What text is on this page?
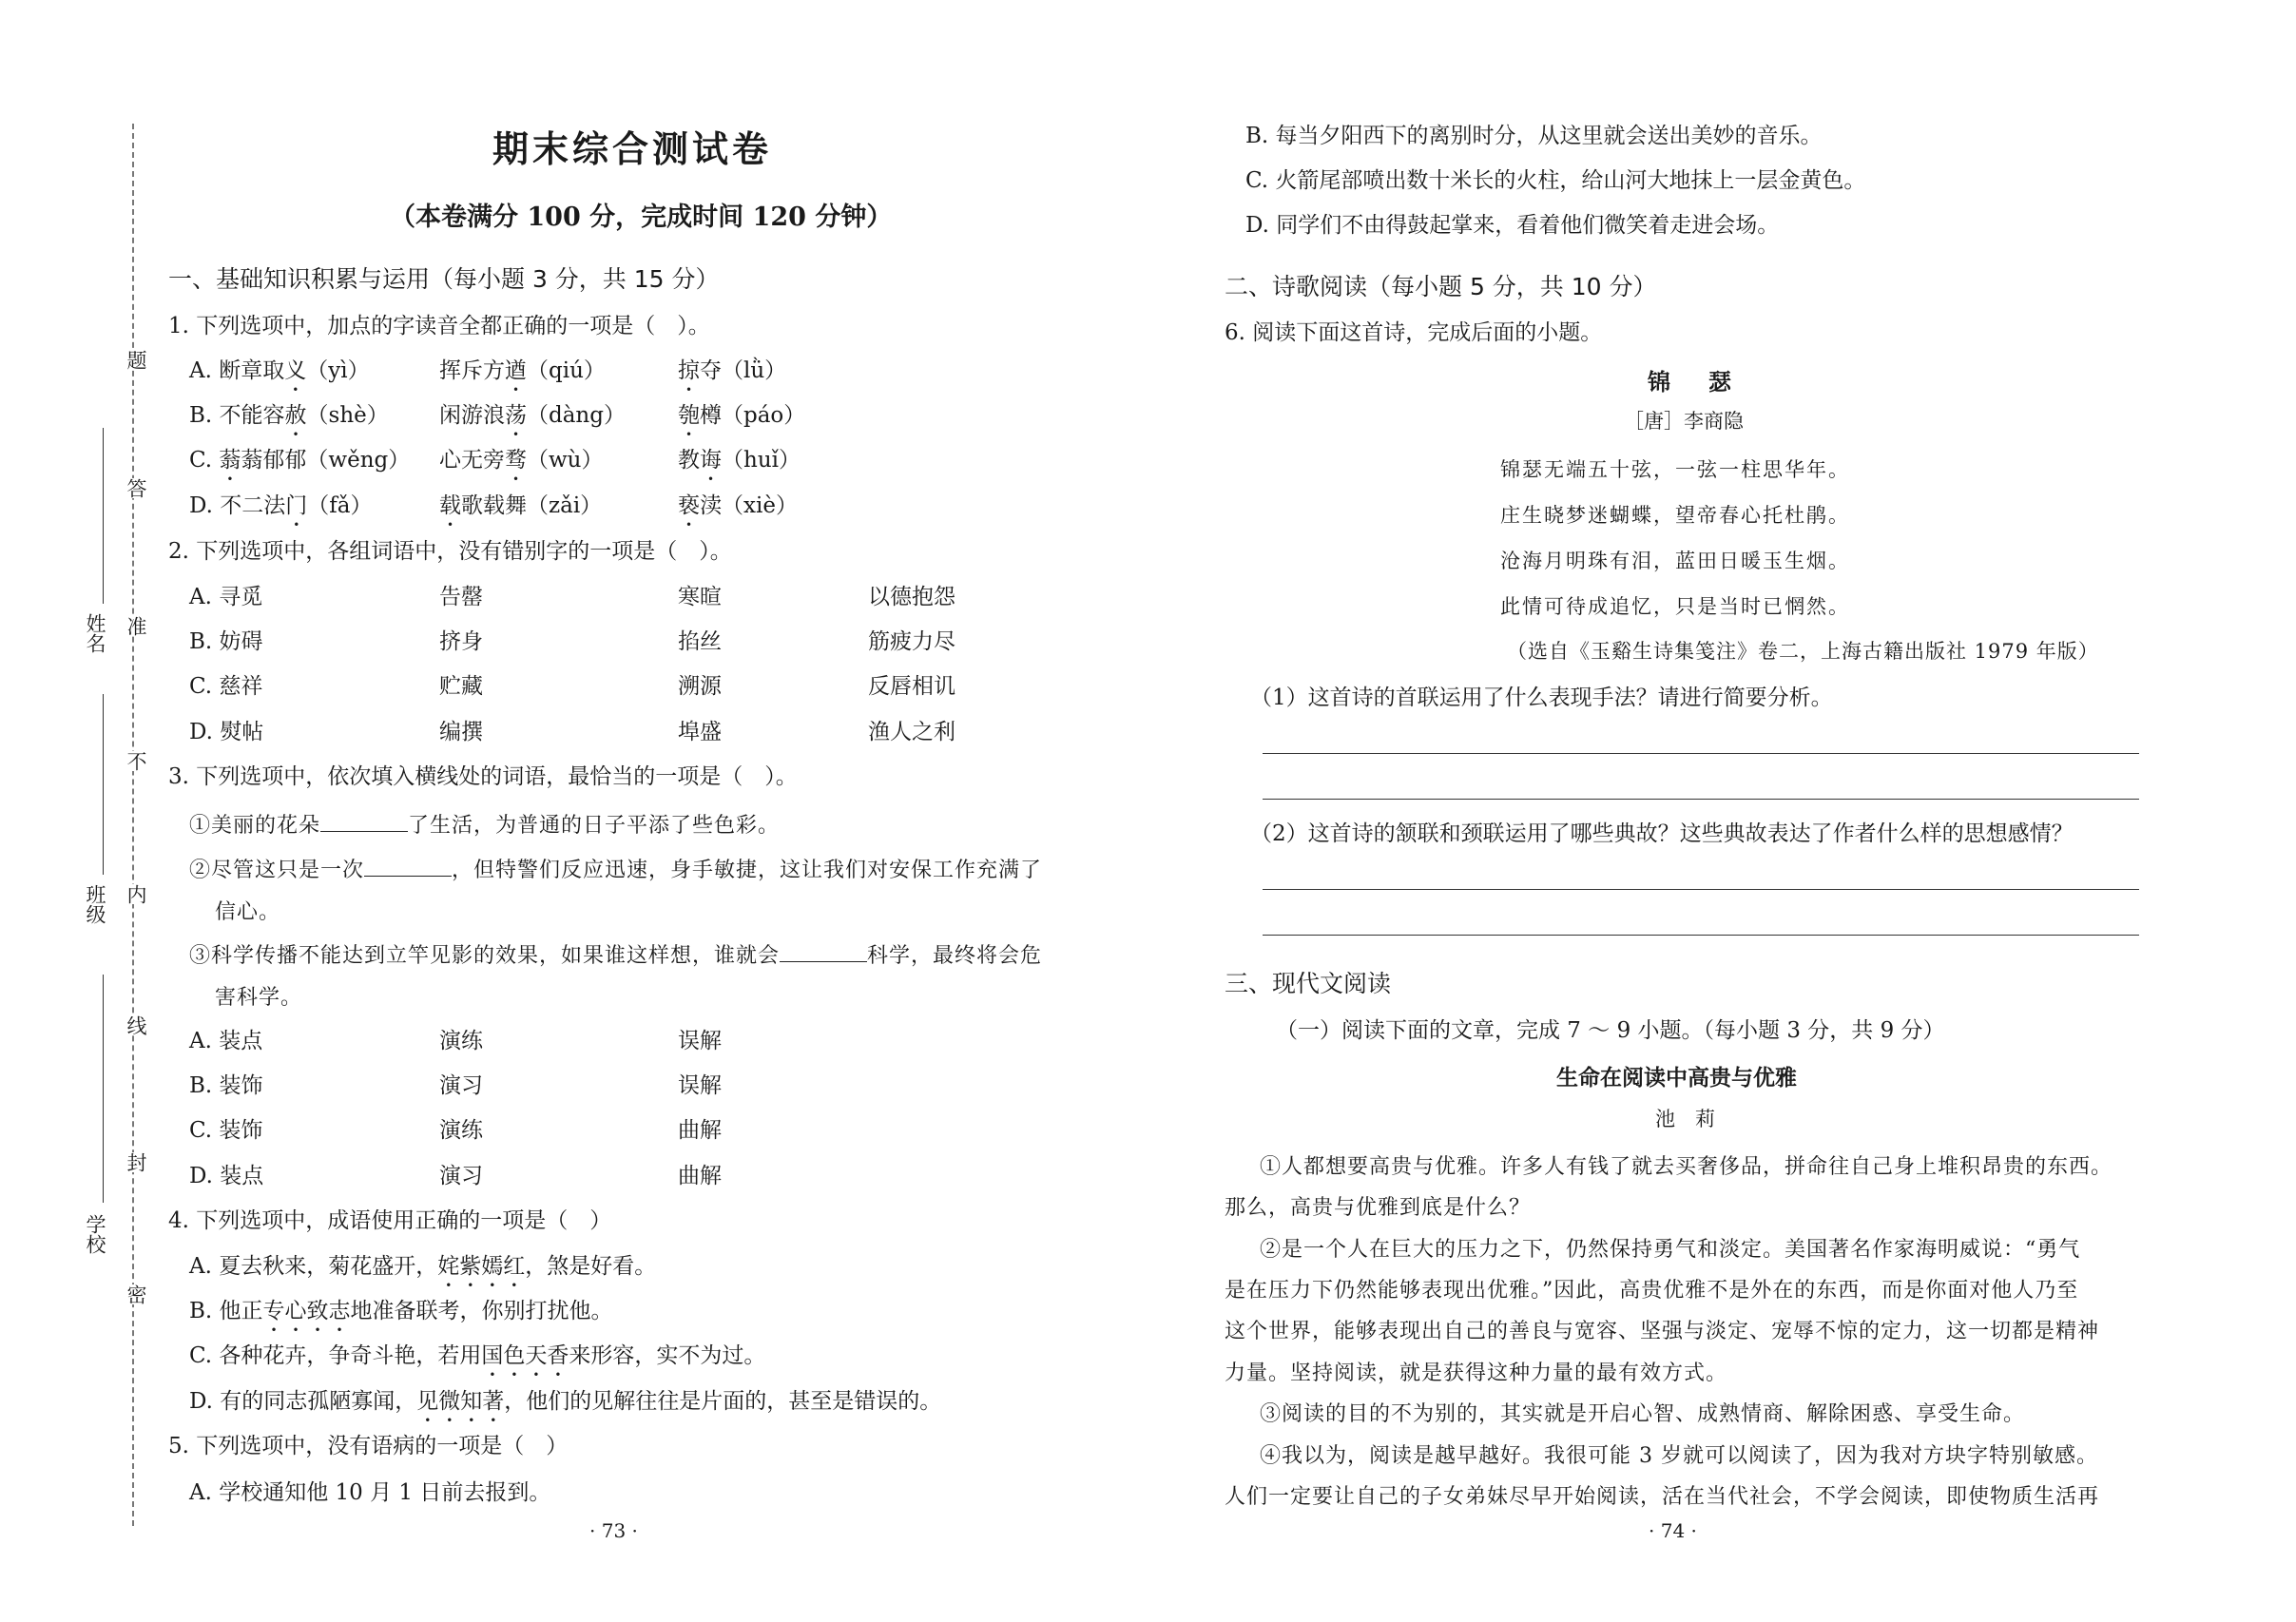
题
答
准
不
内
线
封
密
姓名
班级
学校
期末综合测试卷
（本卷满分 100 分，完成时间 120 分钟）
一、基础知识积累与运用（每小题 3 分，共 15 分）
1. 下列选项中，加点的字读音全都正确的一项是（　）。
A. 断章取义（yì）	挥斥方遒（qiú）	掠夺（lǜ）
B. 不能容赦（shè） 闲游浪荡（dàng） 匏樽（páo）
C. 蓊蓊郁郁（wěng） 心无旁骛（wù）	教诲（huǐ）
D. 不二法门（fǎ）	载歌载舞（zǎi）	亵渎（xiè）
2. 下列选项中，各组词语中，没有错别字的一项是（　）。
A. 寻觅	告罄	寒暄	以德抱怨
B. 妨碍	挤身	掐丝	筋疲力尽
C. 慈祥	贮藏	溯源	反唇相讥
D. 熨帖	编撰	埠盛	渔人之利
3. 下列选项中，依次填入横线处的词语，最恰当的一项是（　）。
①美丽的花朵	了生活，为普通的日子平添了些色彩。
②尽管这只是一次	，但特警们反应迅速，身手敏捷，这让我们对安保工作充满了
信心。
③科学传播不能达到立竿见影的效果，如果谁这样想，谁就会	科学，最终将会危
害科学。
A. 装点	演练	误解
B. 装饰	演习	误解
C. 装饰	演练	曲解
D. 装点	演习	曲解
4. 下列选项中，成语使用正确的一项是（　）
A. 夏去秋来，菊花盛开，姹紫嫣红，煞是好看。
B. 他正专心致志地准备联考，你别打扰他。
C. 各种花卉，争奇斗艳，若用国色天香来形容，实不为过。
D. 有的同志孤陋寡闻，见微知著，他们的见解往往是片面的，甚至是错误的。
5. 下列选项中，没有语病的一项是（　）
A. 学校通知他 10 月 1 日前去报到。
· 73 ·
B. 每当夕阳西下的离别时分，从这里就会送出美妙的音乐。
C. 火箭尾部喷出数十米长的火柱，给山河大地抹上一层金黄色。
D. 同学们不由得鼓起掌来，看着他们微笑着走进会场。
二、诗歌阅读（每小题 5 分，共 10 分）
6. 阅读下面这首诗，完成后面的小题。
锦　瑟
［唐］李商隐
锦瑟无端五十弦，一弦一柱思华年。
庄生晓梦迷蝴蝶，望帝春心托杜鹃。
沧海月明珠有泪，蓝田日暖玉生烟。
此情可待成追忆，只是当时已惘然。
（选自《玉谿生诗集笺注》卷二，上海古籍出版社 1979 年版）
（1）这首诗的首联运用了什么表现手法？请进行简要分析。
（2）这首诗的颔联和颈联运用了哪些典故？这些典故表达了作者什么样的思想感情？
三、现代文阅读
（一）阅读下面的文章，完成 7 ～ 9 小题。（每小题 3 分，共 9 分）
生命在阅读中高贵与优雅
池　莉
①人都想要高贵与优雅。许多人有钱了就去买奢侈品，拼命往自己身上堆积昂贵的东西。
那么，高贵与优雅到底是什么？
②是一个人在巨大的压力之下，仍然保持勇气和淡定。美国著名作家海明威说：“勇气
是在压力下仍然能够表现出优雅。”因此，高贵优雅不是外在的东西，而是你面对他人乃至
这个世界，能够表现出自己的善良与宽容、坚强与淡定、宠辱不惊的定力，这一切都是精神
力量。坚持阅读，就是获得这种力量的最有效方式。
③阅读的目的不为别的，其实就是开启心智、成熟情商、解除困惑、享受生命。
④我以为，阅读是越早越好。我很可能 3 岁就可以阅读了，因为我对方块字特别敏感。
人们一定要让自己的子女弟妹尽早开始阅读，活在当代社会，不学会阅读，即使物质生活再
· 74 ·
